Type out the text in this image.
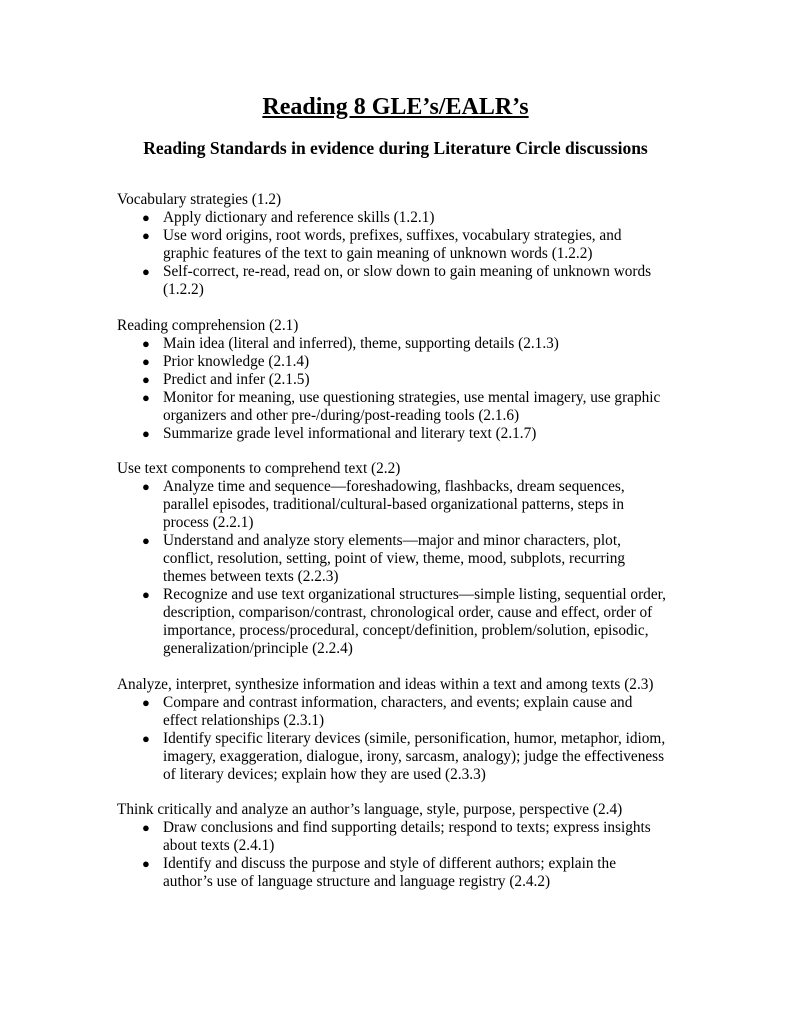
Reading 8 GLE’s/EALR’s
Reading Standards in evidence during Literature Circle discussions
Vocabulary strategies (1.2)
● Apply dictionary and reference skills (1.2.1)
● Use word origins, root words, prefixes, suffixes, vocabulary strategies, and
graphic features of the text to gain meaning of unknown words (1.2.2)
● Self-correct, re-read, read on, or slow down to gain meaning of unknown words
(1.2.2)
Reading comprehension (2.1)
● Main idea (literal and inferred), theme, supporting details (2.1.3)
● Prior knowledge (2.1.4)
● Predict and infer (2.1.5)
● Monitor for meaning, use questioning strategies, use mental imagery, use graphic
organizers and other pre-/during/post-reading tools (2.1.6)
● Summarize grade level informational and literary text (2.1.7)
Use text components to comprehend text (2.2)
● Analyze time and sequence—foreshadowing, flashbacks, dream sequences,
parallel episodes, traditional/cultural-based organizational patterns, steps in
process (2.2.1)
● Understand and analyze story elements—major and minor characters, plot,
conflict, resolution, setting, point of view, theme, mood, subplots, recurring
themes between texts (2.2.3)
● Recognize and use text organizational structures—simple listing, sequential order,
description, comparison/contrast, chronological order, cause and effect, order of
importance, process/procedural, concept/definition, problem/solution, episodic,
generalization/principle (2.2.4)
Analyze, interpret, synthesize information and ideas within a text and among texts (2.3)
● Compare and contrast information, characters, and events; explain cause and
effect relationships (2.3.1)
● Identify specific literary devices (simile, personification, humor, metaphor, idiom,
imagery, exaggeration, dialogue, irony, sarcasm, analogy); judge the effectiveness
of literary devices; explain how they are used (2.3.3)
Think critically and analyze an author’s language, style, purpose, perspective (2.4)
● Draw conclusions and find supporting details; respond to texts; express insights
about texts (2.4.1)
● Identify and discuss the purpose and style of different authors; explain the
author’s use of language structure and language registry (2.4.2)
